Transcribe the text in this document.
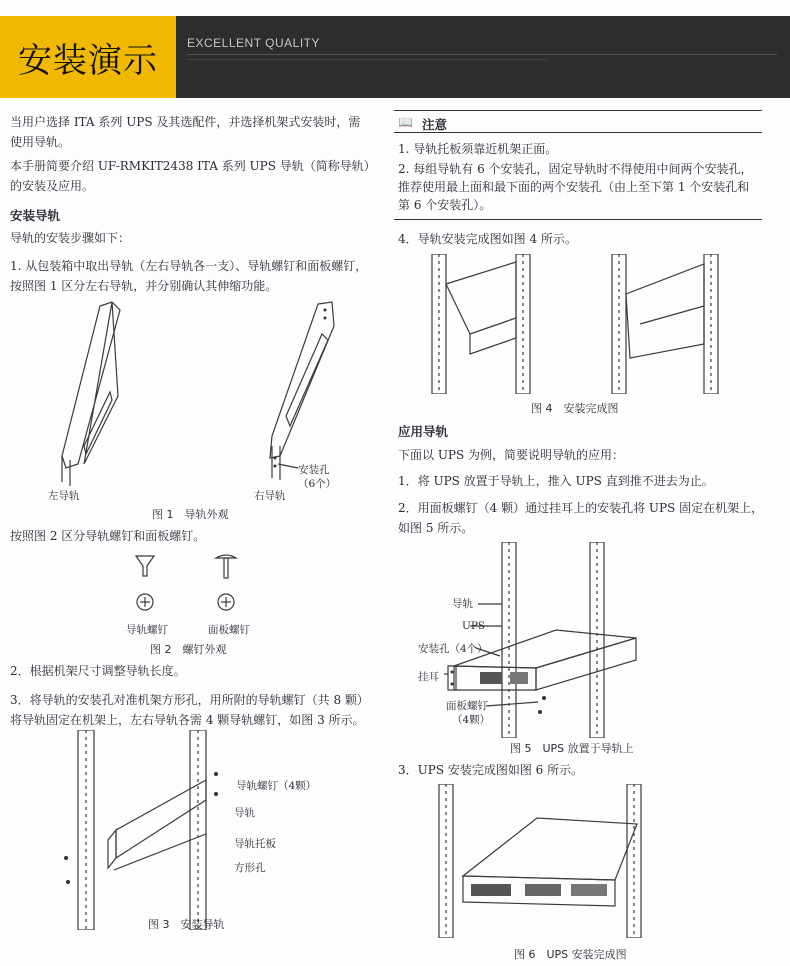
安装演示 EXCELLENT QUALITY
当用户选择 ITA 系列 UPS 及其选配件，并选择机架式安装时，需
使用导轨。
本手册简要介绍 UF-RMKIT2438 ITA 系列 UPS 导轨（简称导轨）
的安装及应用。
安装导轨
导轨的安装步骤如下：
1. 从包装箱中取出导轨（左右导轨各一支）、导轨螺钉和面板螺钉，
按照图 1 区分左右导轨，并分别确认其伸缩功能。
左导轨	右导轨
安装孔
（6个）
图 1　导轨外观
按照图 2 区分导轨螺钉和面板螺钉。
导轨螺钉	面板螺钉
图 2　螺钉外观
2．根据机架尺寸调整导轨长度。
3．将导轨的安装孔对准机架方形孔，用所附的导轨螺钉（共 8 颗）
将导轨固定在机架上，左右导轨各需 4 颗导轨螺钉，如图 3 所示。
导轨螺钉（4颗）
导轨
导轨托板
方形孔
图 3　安装导轨
📖 注意
1. 导轨托板须靠近机架正面。
2. 每组导轨有 6 个安装孔，固定导轨时不得使用中间两个安装孔，
推荐使用最上面和最下面的两个安装孔（由上至下第 1 个安装孔和
第 6 个安装孔）。
4．导轨安装完成图如图 4 所示。
图 4　安装完成图
应用导轨
下面以 UPS 为例，简要说明导轨的应用：
1．将 UPS 放置于导轨上，推入 UPS 直到推不进去为止。
2．用面板螺钉（4 颗）通过挂耳上的安装孔将 UPS 固定在机架上，
如图 5 所示。
导轨
UPS
安装孔（4个）
挂耳
面板螺钉
（4颗）
图 5　UPS 放置于导轨上
3．UPS 安装完成图如图 6 所示。
图 6　UPS 安装完成图
